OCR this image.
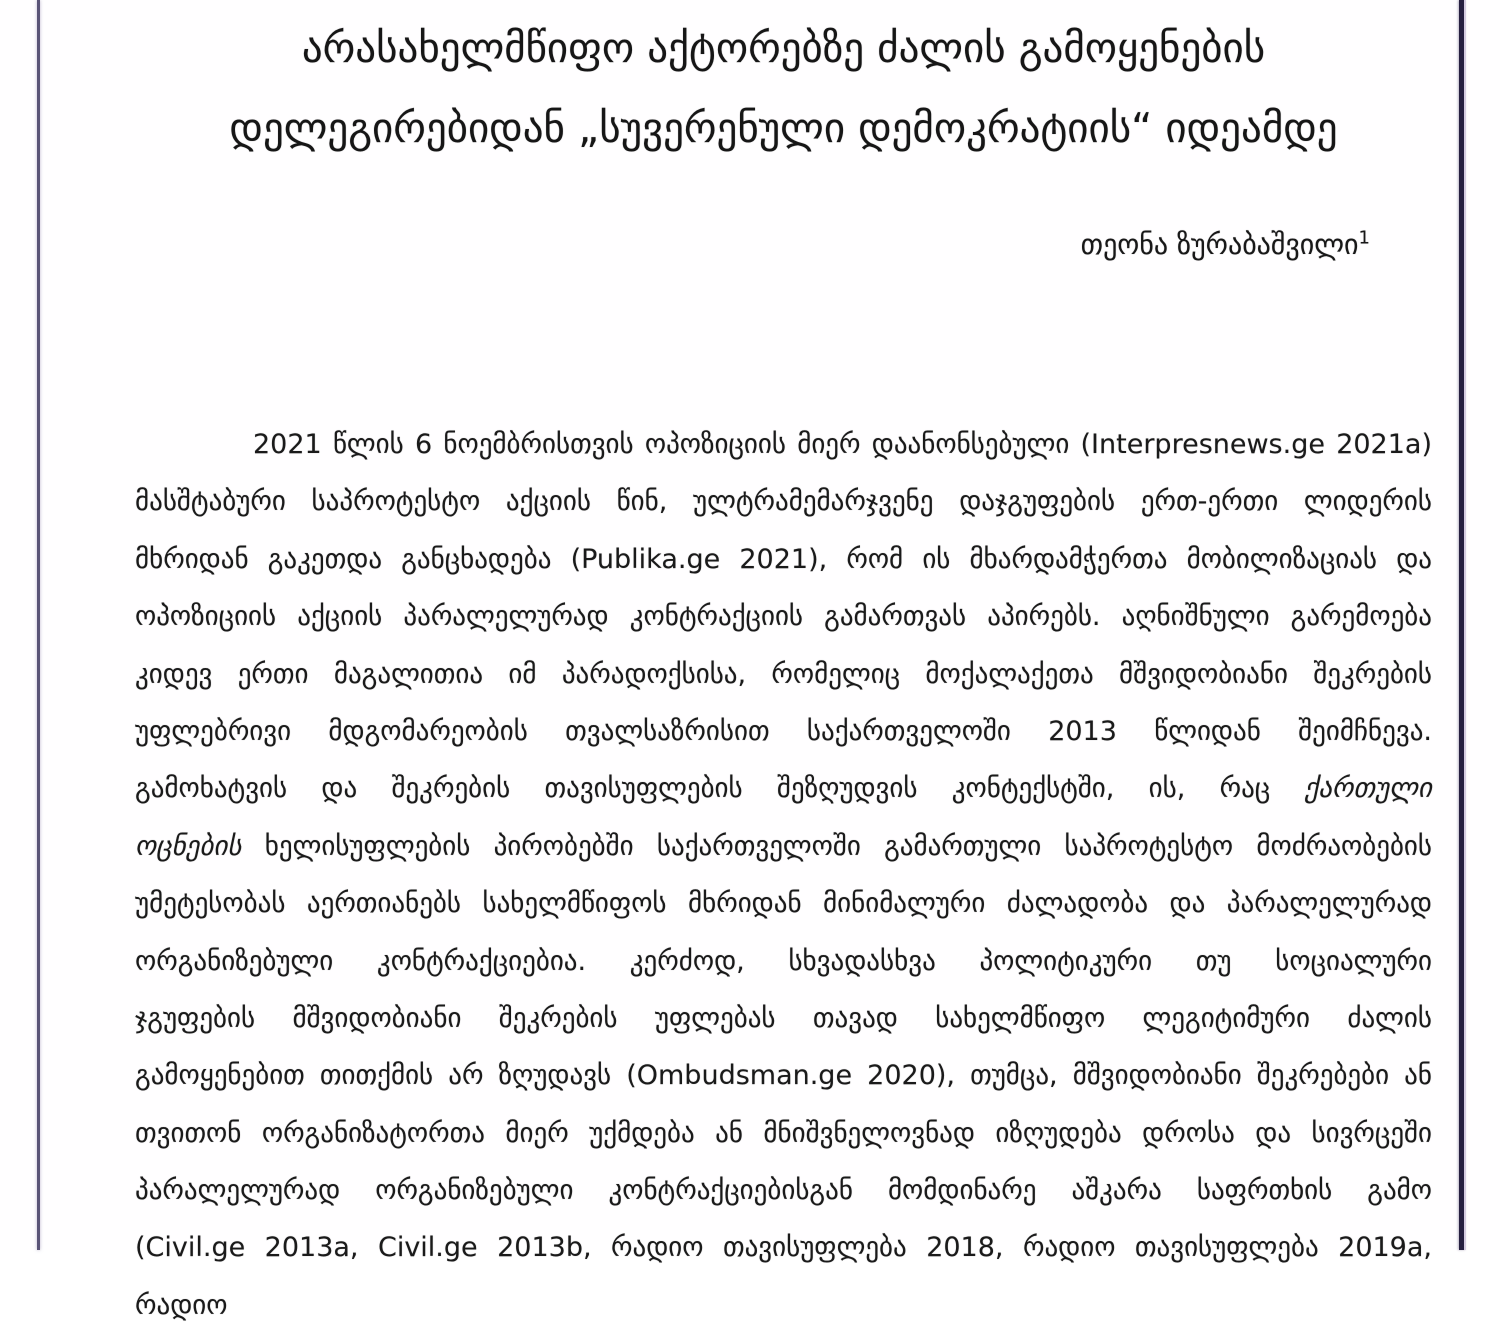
არასახელმწიფო აქტორებზე ძალის გამოყენების
დელეგირებიდან „სუვერენული დემოკრატიის“ იდეამდე
თეონა ზურაბაშვილი$^1$
2021 წლის 6 ნოემბრისთვის ოპოზიციის მიერ დაანონსებული (Interpresnews.ge 2021a)
მასშტაბური საპროტესტო აქციის წინ, ულტრამემარჯვენე დაჯგუფების ერთ-ერთი ლიდერის
მხრიდან გაკეთდა განცხადება (Publika.ge 2021), რომ ის მხარდამჭერთა მობილიზაციას და
ოპოზიციის აქციის პარალელურად კონტრაქციის გამართვას აპირებს. აღნიშნული გარემოება
კიდევ ერთი მაგალითია იმ პარადოქსისა, რომელიც მოქალაქეთა მშვიდობიანი შეკრების
უფლებრივი მდგომარეობის თვალსაზრისით საქართველოში 2013 წლიდან შეიმჩნევა.
გამოხატვის და შეკრების თავისუფლების შეზღუდვის კონტექსტში, ის, რაც ქართული
ოცნების ხელისუფლების პირობებში საქართველოში გამართული საპროტესტო მოძრაობების
უმეტესობას აერთიანებს სახელმწიფოს მხრიდან მინიმალური ძალადობა და პარალელურად
ორგანიზებული კონტრაქციებია. კერძოდ, სხვადასხვა პოლიტიკური თუ სოციალური
ჯგუფების მშვიდობიანი შეკრების უფლებას თავად სახელმწიფო ლეგიტიმური ძალის
გამოყენებით თითქმის არ ზღუდავს (Ombudsman.ge 2020), თუმცა, მშვიდობიანი შეკრებები ან
თვითონ ორგანიზატორთა მიერ უქმდება ან მნიშვნელოვნად იზღუდება დროსა და სივრცეში
პარალელურად ორგანიზებული კონტრაქციებისგან მომდინარე აშკარა საფრთხის გამო
(Civil.ge 2013a, Civil.ge 2013b, რადიო თავისუფლება 2018, რადიო თავისუფლება 2019a, რადიო
